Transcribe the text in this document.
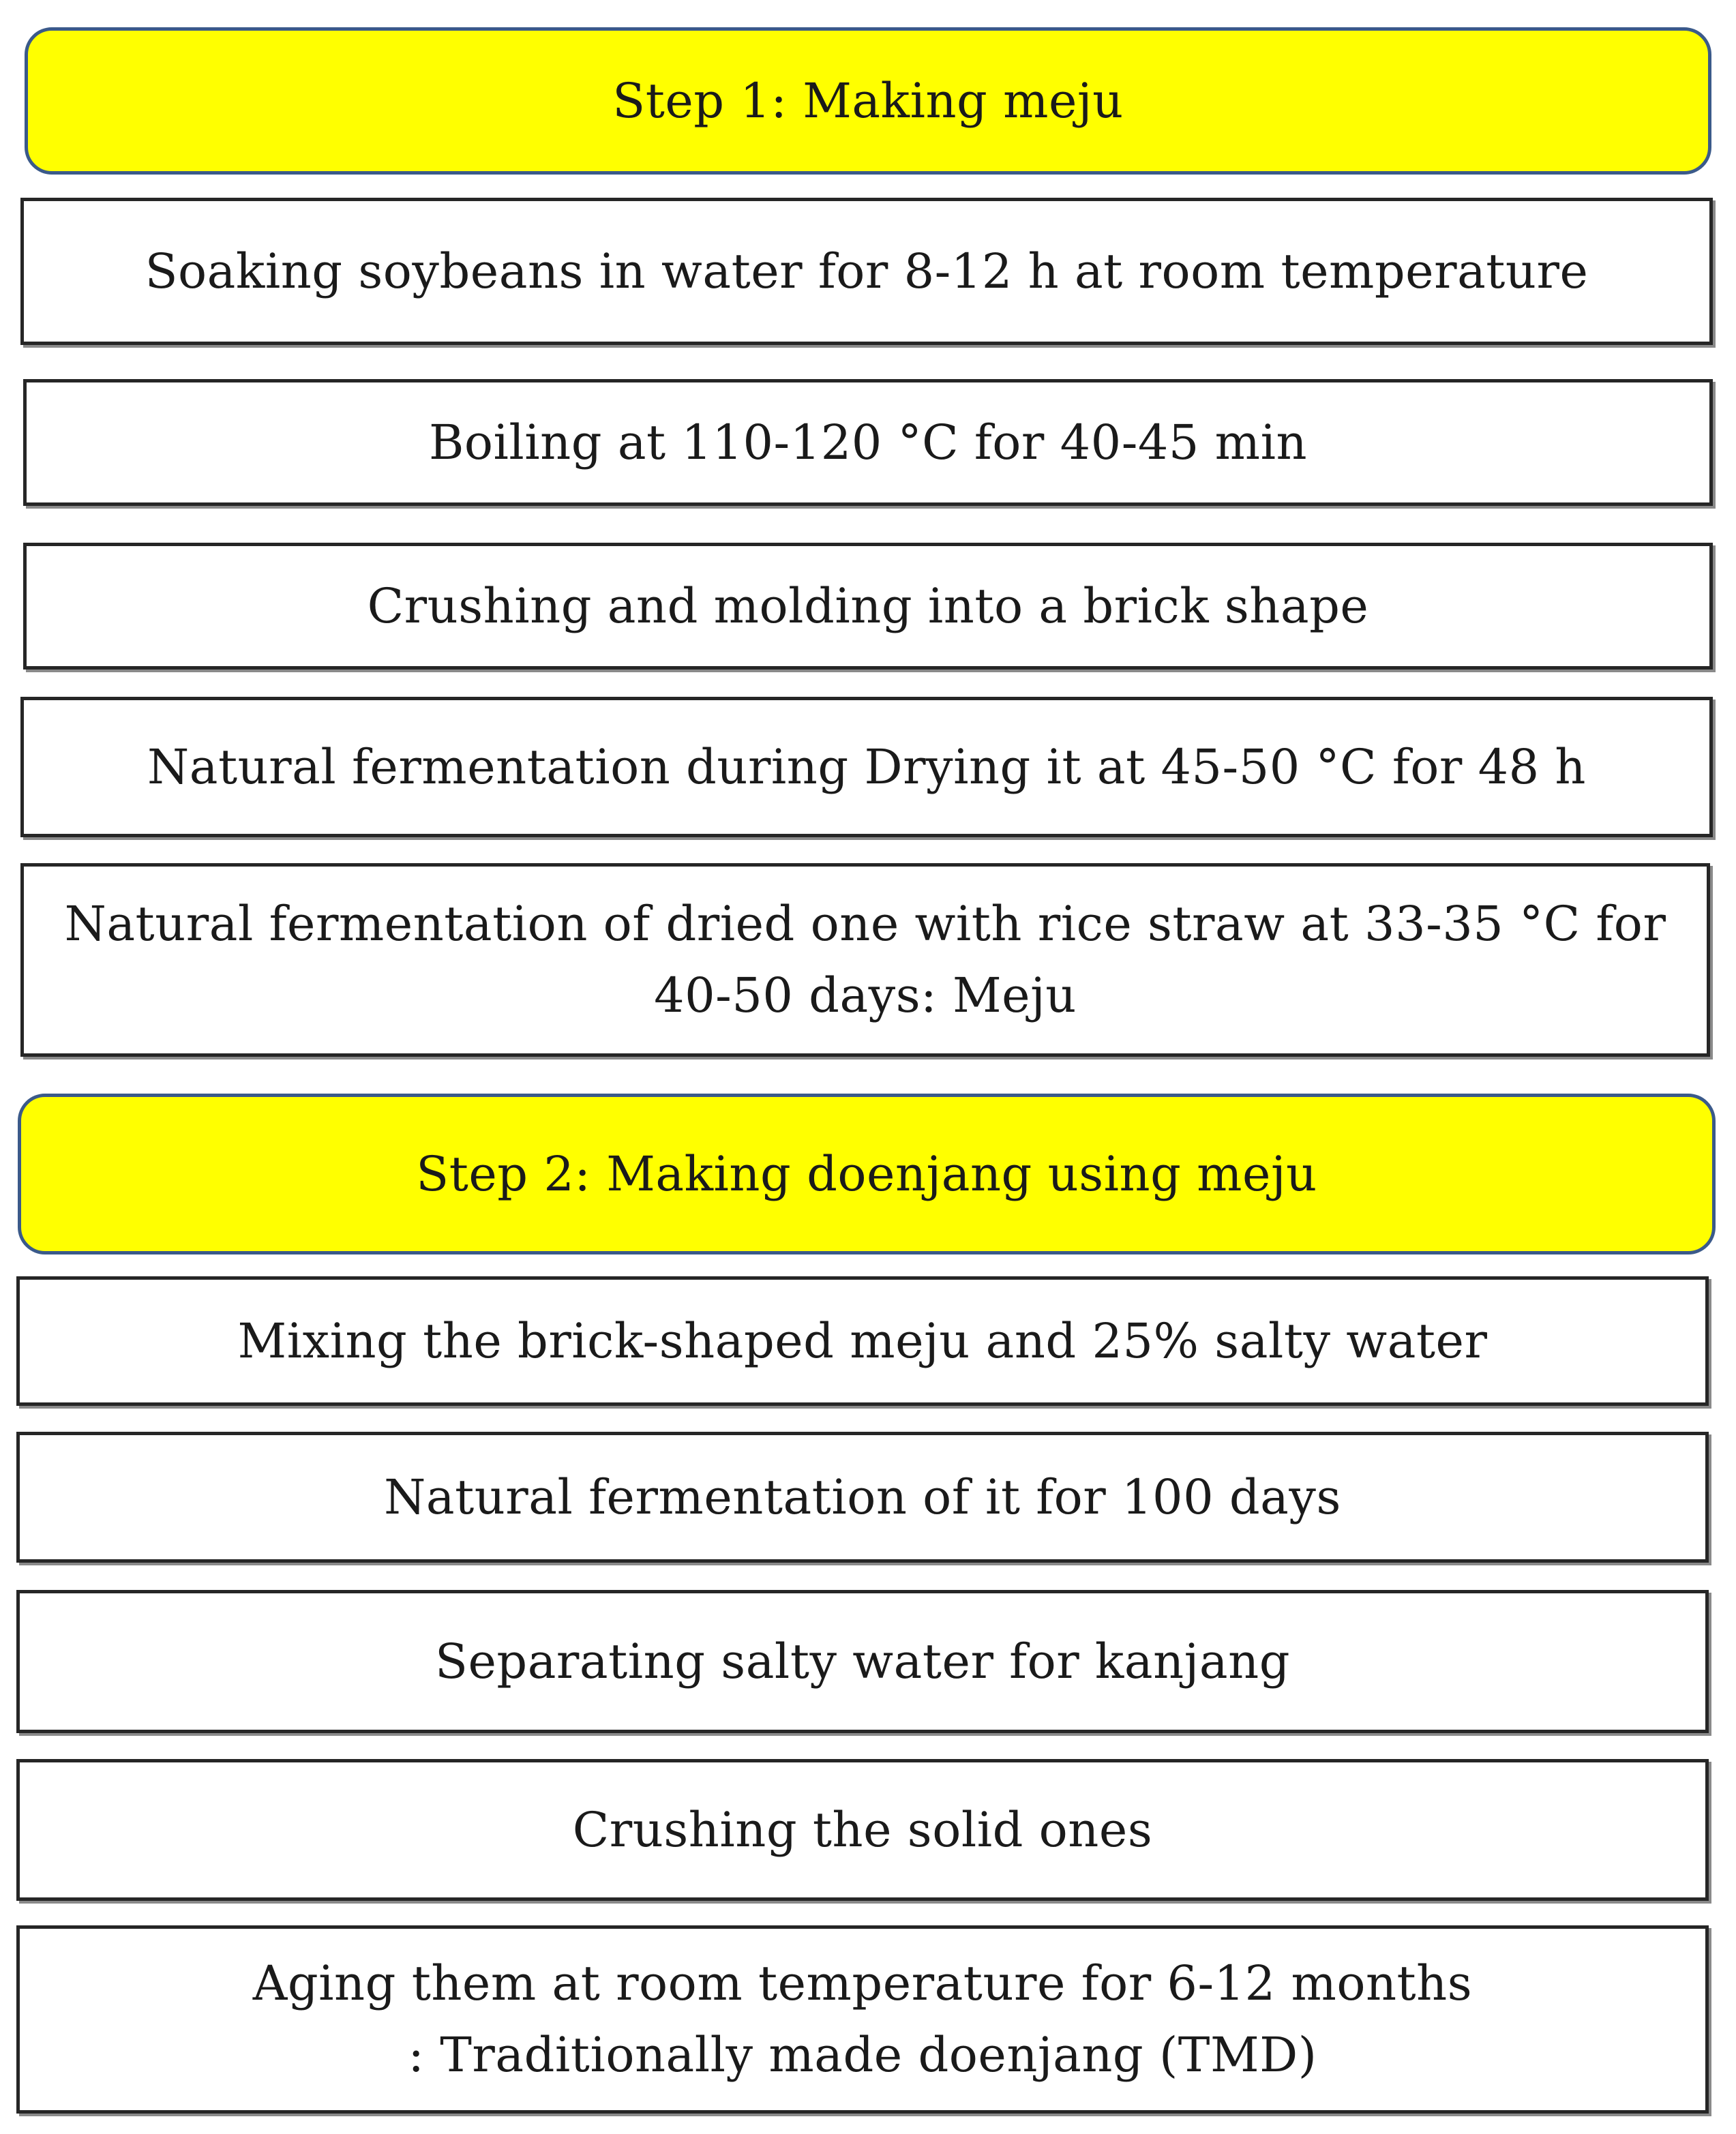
Step 1: Making meju
Soaking soybeans in water for 8-12 h at room temperature
Boiling at 110-120 °C for 40-45 min
Crushing and molding into a brick shape
Natural fermentation during Drying it at 45-50 °C for 48 h
Natural fermentation of dried one with rice straw at 33-35 °C for
40-50 days: Meju
Step 2: Making doenjang using meju
Mixing the brick-shaped meju and 25% salty water
Natural fermentation of it for 100 days
Separating salty water for kanjang
Crushing the solid ones
Aging them at room temperature for 6-12 months
: Traditionally made doenjang (TMD)
